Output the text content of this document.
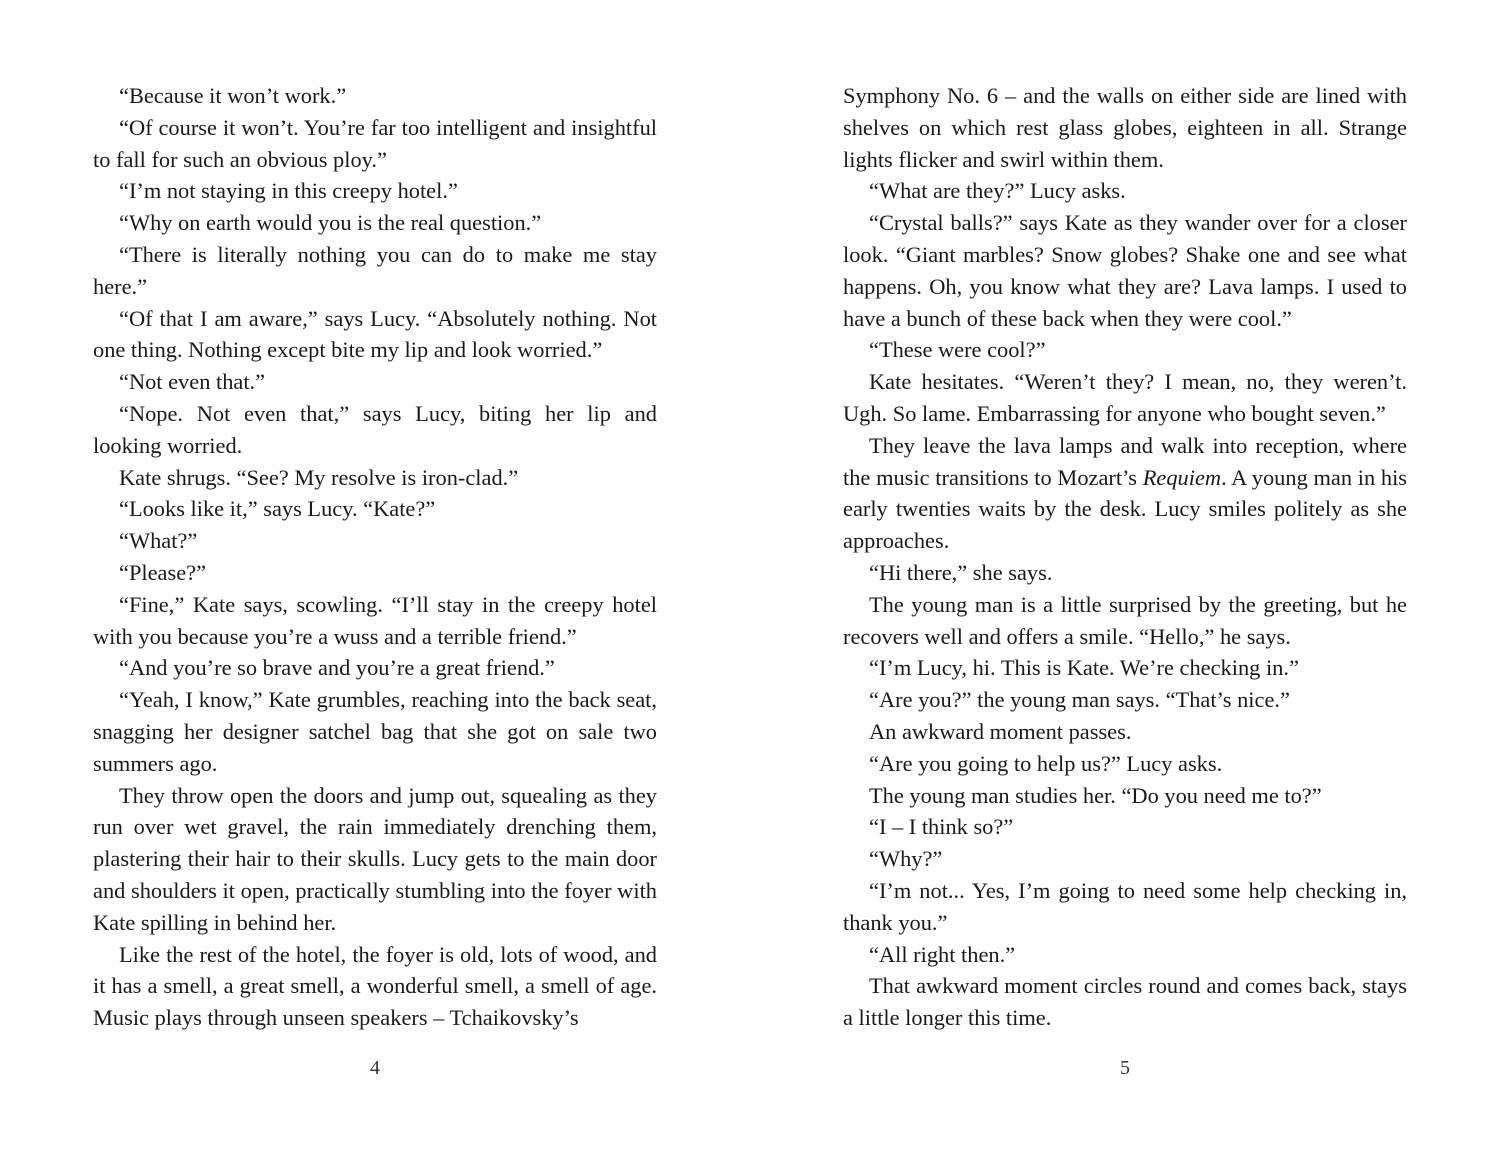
“Because it won’t work.”

“Of course it won’t. You’re far too intelligent and insightful to fall for such an obvious ploy.”

“I’m not staying in this creepy hotel.”

“Why on earth would you is the real question.”

“There is literally nothing you can do to make me stay here.”

“Of that I am aware,” says Lucy. “Absolutely nothing. Not one thing. Nothing except bite my lip and look worried.”

“Not even that.”

“Nope. Not even that,” says Lucy, biting her lip and looking worried.

Kate shrugs. “See? My resolve is iron-clad.”

“Looks like it,” says Lucy. “Kate?”

“What?”

“Please?”

“Fine,” Kate says, scowling. “I’ll stay in the creepy hotel with you because you’re a wuss and a terrible friend.”

“And you’re so brave and you’re a great friend.”

“Yeah, I know,” Kate grumbles, reaching into the back seat, snagging her designer satchel bag that she got on sale two summers ago.

They throw open the doors and jump out, squealing as they run over wet gravel, the rain immediately drenching them, plastering their hair to their skulls. Lucy gets to the main door and shoulders it open, practically stumbling into the foyer with Kate spilling in behind her.

Like the rest of the hotel, the foyer is old, lots of wood, and it has a smell, a great smell, a wonderful smell, a smell of age. Music plays through unseen speakers – Tchaikovsky’s

4

Symphony No. 6 – and the walls on either side are lined with shelves on which rest glass globes, eighteen in all. Strange lights flicker and swirl within them.

“What are they?” Lucy asks.

“Crystal balls?” says Kate as they wander over for a closer look. “Giant marbles? Snow globes? Shake one and see what happens. Oh, you know what they are? Lava lamps. I used to have a bunch of these back when they were cool.”

“These were cool?”

Kate hesitates. “Weren’t they? I mean, no, they weren’t. Ugh. So lame. Embarrassing for anyone who bought seven.”

They leave the lava lamps and walk into reception, where the music transitions to Mozart’s Requiem. A young man in his early twenties waits by the desk. Lucy smiles politely as she approaches.

“Hi there,” she says.

The young man is a little surprised by the greeting, but he recovers well and offers a smile. “Hello,” he says.

“I’m Lucy, hi. This is Kate. We’re checking in.”

“Are you?” the young man says. “That’s nice.”

An awkward moment passes.

“Are you going to help us?” Lucy asks.

The young man studies her. “Do you need me to?”

“I – I think so?”

“Why?”

“I’m not... Yes, I’m going to need some help checking in, thank you.”

“All right then.”

That awkward moment circles round and comes back, stays a little longer this time.

5
